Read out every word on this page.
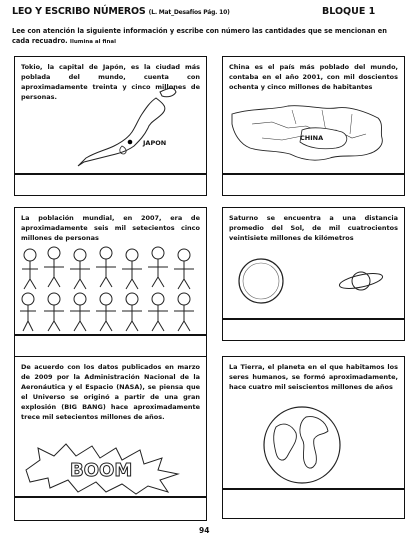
LEO Y ESCRIBO NÚMEROS (L. Mat_Desafíos Pág. 10)	BLOQUE 1
Lee con atención la siguiente información y escribe con número las cantidades que se mencionan en cada recuadro. Ilumina al final
Tokio, la capital de Japón, es la ciudad más poblada del mundo, cuenta con aproximadamente treinta y cinco millones de personas.
JAPON
China es el país más poblado del mundo, contaba en el año 2001, con mil doscientos ochenta y cinco millones de habitantes
CHINA
La población mundial, en 2007, era de aproximadamente seis mil setecientos cinco millones de personas
Saturno se encuentra a una distancia promedio del Sol, de mil cuatrocientos veintisiete millones de kilómetros
De acuerdo con los datos publicados en marzo de 2009 por la Administración Nacional de la Aeronáutica y el Espacio (NASA), se piensa que el Universo se originó a partir de una gran explosión (BIG BANG) hace aproximadamente trece mil setecientos millones de años.
BOOM
La Tierra, el planeta en el que habitamos los seres humanos, se formó aproximadamente, hace cuatro mil seiscientos millones de años
94
